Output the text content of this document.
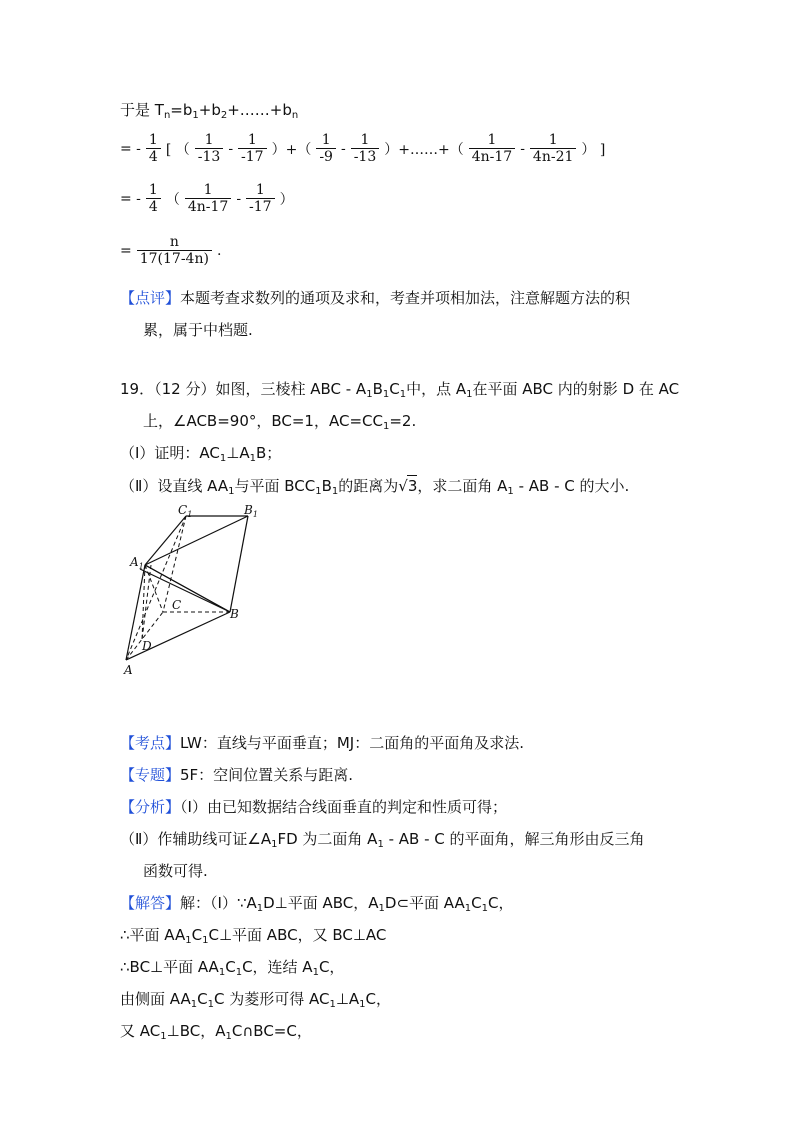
于是 $T_n=b_1+b_2+\dots\dots+b_n$
= - $\frac{1}{4}$ [ （ $\frac{1}{-13} - \frac{1}{-17}$ ）+（ $\frac{1}{-9} - \frac{1}{-13}$ ）+……+（ $\frac{1}{4n-17} - \frac{1}{4n-21}$ ） ]
= - $\frac{1}{4}$ （ $\frac{1}{4n-17} - \frac{1}{-17}$ ）
= $\frac{n}{17(17-4n)}$ .
【点评】本题考查求数列的通项及求和，考查并项相加法，注意解题方法的积
累，属于中档题.
19．（12 分）如图，三棱柱 ABC - $A_1B_1C_1$中，点 $A_1$在平面 ABC 内的射影 D 在 AC
上，∠ACB=90°，BC=1，$AC=CC_1=2$.
（Ⅰ）证明：$AC_1\perp A_1B$；
（Ⅱ）设直线 $AA_1$与平面 $BCC_1B_1$的距离为√3，求二面角 $A_1$ - AB - C 的大小.
$C_1$	$B_1$
$A_1$
C
B
D
A
【考点】LW：直线与平面垂直；MJ：二面角的平面角及求法.
【专题】5F：空间位置关系与距离.
【分析】（Ⅰ）由已知数据结合线面垂直的判定和性质可得；
（Ⅱ）作辅助线可证$\angle A_1FD$ 为二面角 $A_1$ - AB - C 的平面角，解三角形由反三角
函数可得.
【解答】解：$(Ⅰ)\because A_1D\perp$平面 ABC，$A_1D\subset$平面 $AA_1C_1C$，
∴平面 $AA_1C_1C\perp$平面 ABC，又 BC⊥AC
∴BC⊥平面 $AA_1C_1C$，连结 $A_1C$，
由侧面 $AA_1C_1C$ 为菱形可得 $AC_1\perp A_1C$，
又 $AC_1\perp BC$，$A_1C\cap BC=C$，
